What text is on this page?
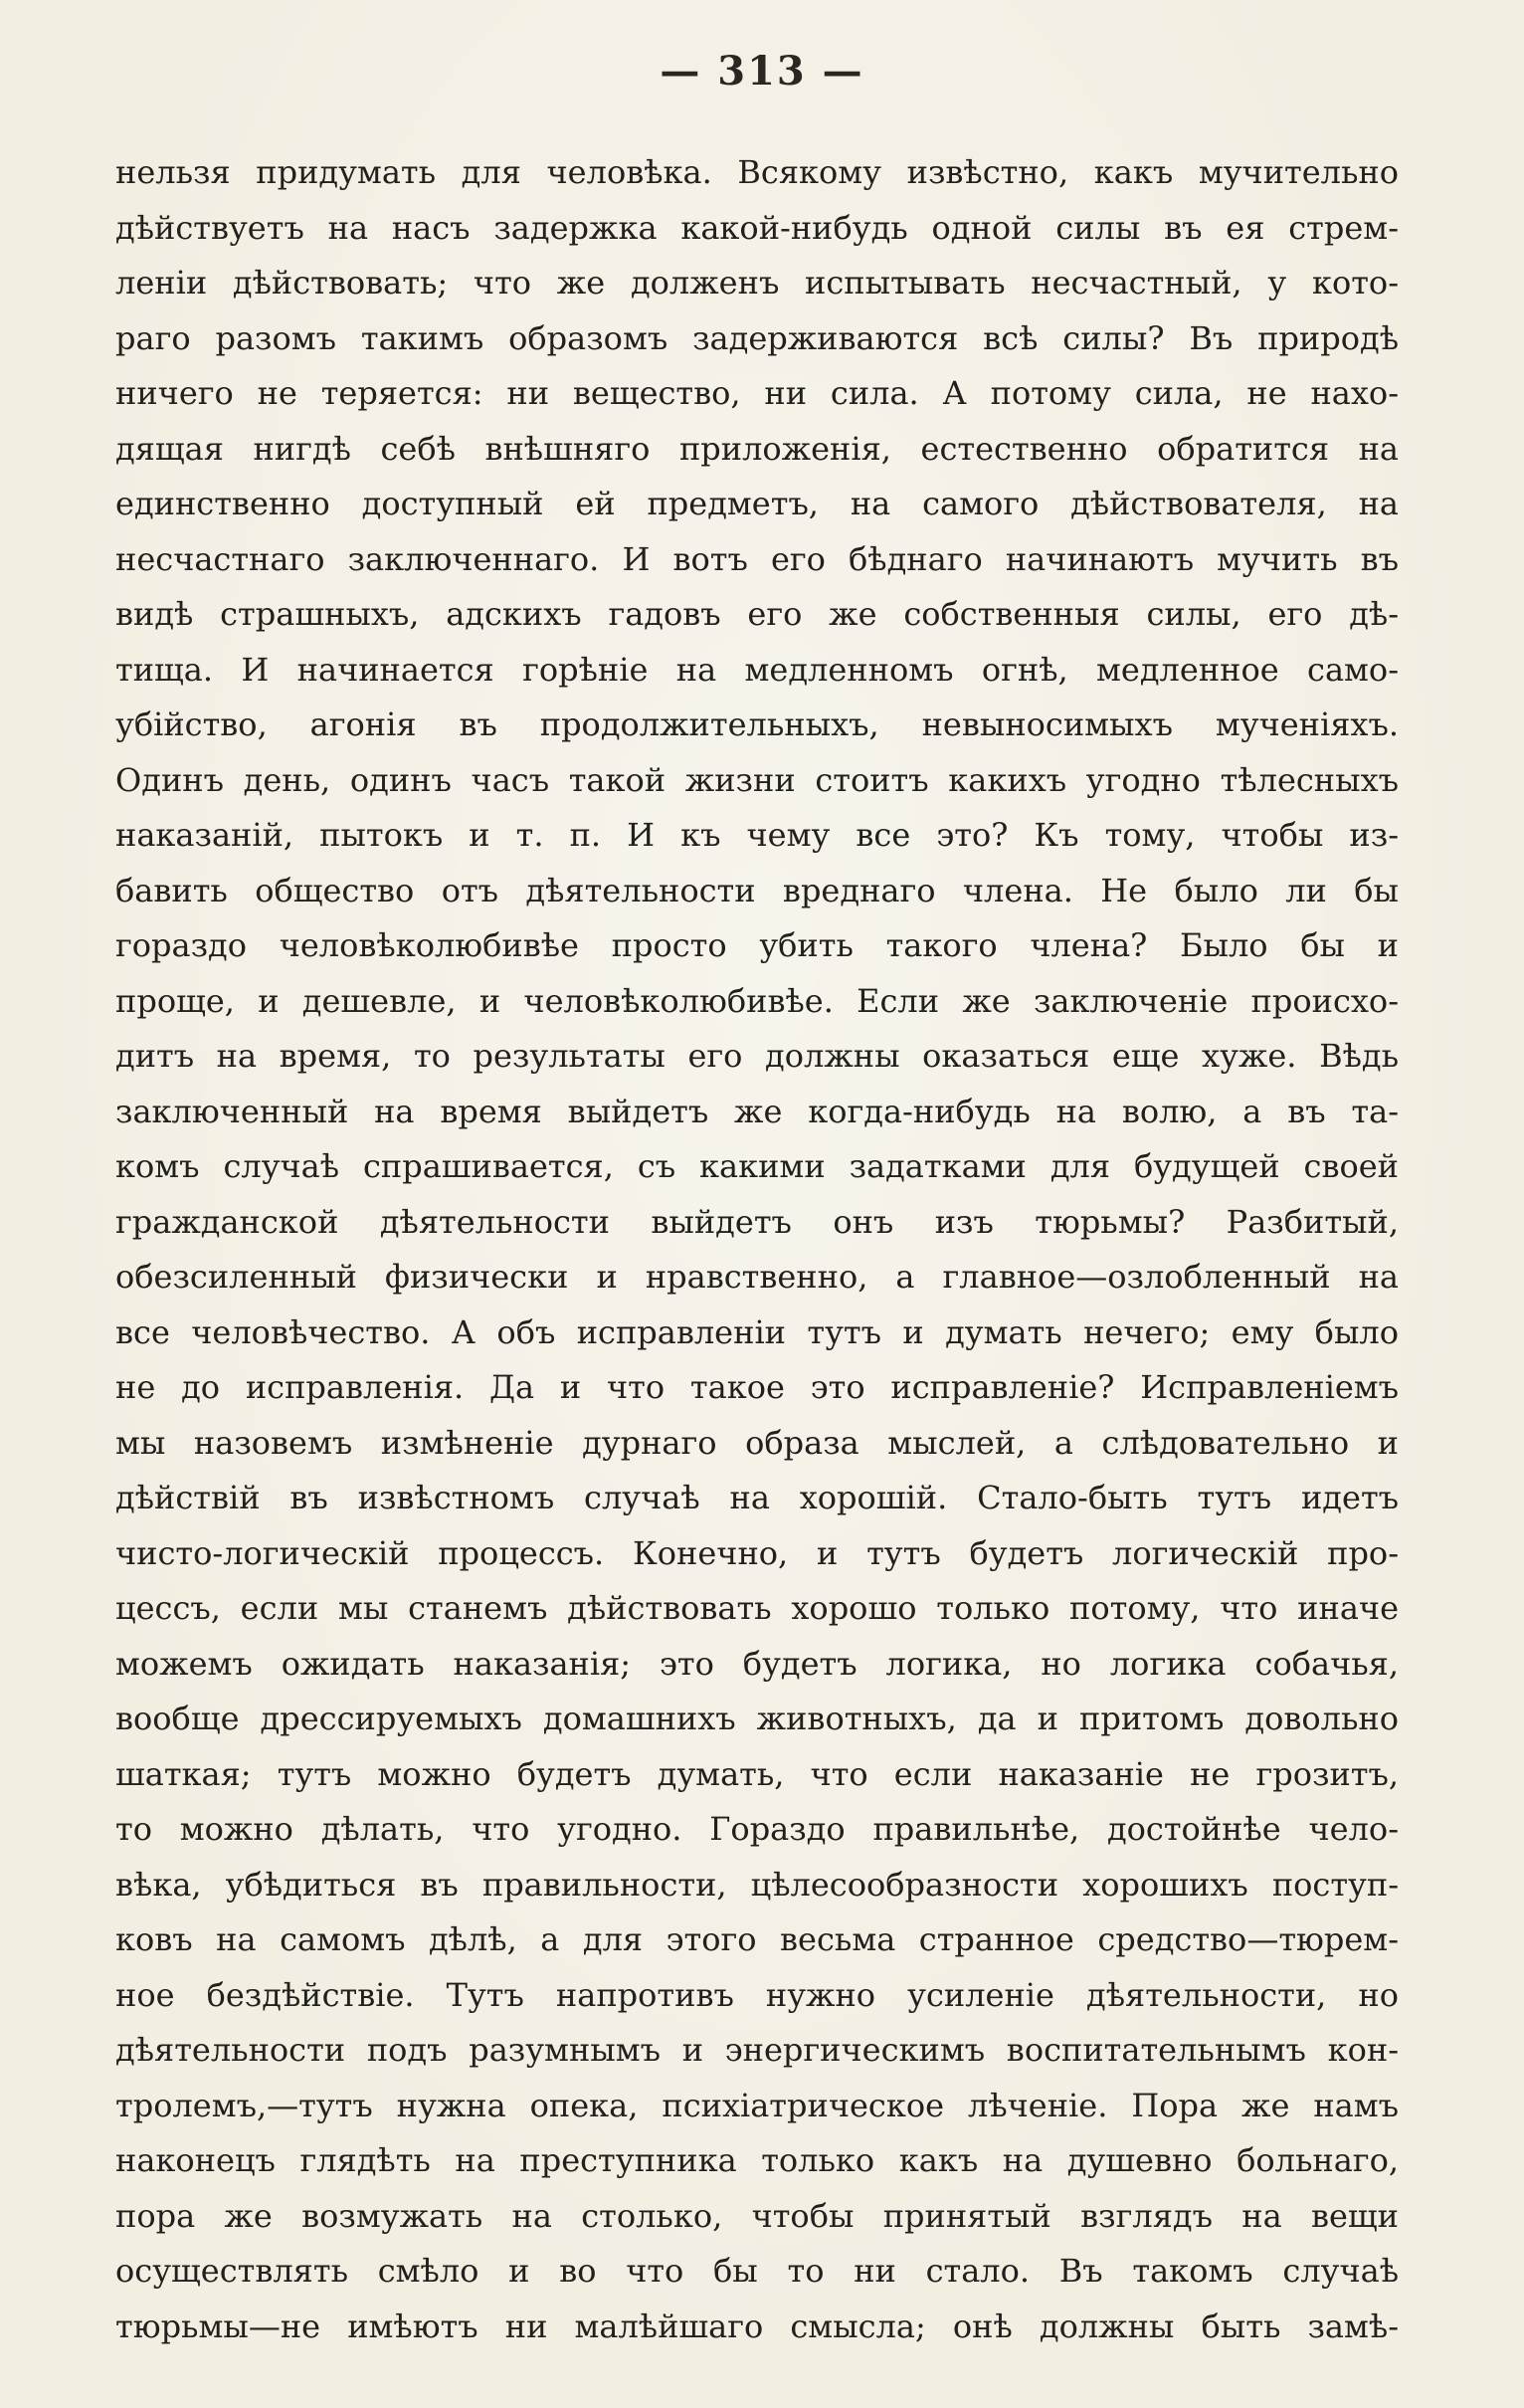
— 313 —
нельзя придумать для человѣка. Всякому извѣстно, какъ мучительно
дѣйствуетъ на насъ задержка какой-нибудь одной силы въ ея стрем-
леніи дѣйствовать; что же долженъ испытывать несчастный, у кото-
раго разомъ такимъ образомъ задерживаются всѣ силы? Въ природѣ
ничего не теряется: ни вещество, ни сила. А потому сила, не нахо-
дящая нигдѣ себѣ внѣшняго приложенія, естественно обратится на
единственно доступный ей предметъ, на самого дѣйствователя, на
несчастнаго заключеннаго. И вотъ его бѣднаго начинаютъ мучить въ
видѣ страшныхъ, адскихъ гадовъ его же собственныя силы, его дѣ-
тища. И начинается горѣніе на медленномъ огнѣ, медленное само-
убійство, агонія въ продолжительныхъ, невыносимыхъ мученіяхъ.
Одинъ день, одинъ часъ такой жизни стоитъ какихъ угодно тѣлесныхъ
наказаній, пытокъ и т. п. И къ чему все это? Къ тому, чтобы из-
бавить общество отъ дѣятельности вреднаго члена. Не было ли бы
гораздо человѣколюбивѣе просто убить такого члена? Было бы и
проще, и дешевле, и человѣколюбивѣе. Если же заключеніе происхо-
дитъ на время, то результаты его должны оказаться еще хуже. Вѣдь
заключенный на время выйдетъ же когда-нибудь на волю, а въ та-
комъ случаѣ спрашивается, съ какими задатками для будущей своей
гражданской дѣятельности выйдетъ онъ изъ тюрьмы? Разбитый,
обезсиленный физически и нравственно, а главное—озлобленный на
все человѣчество. А объ исправленіи тутъ и думать нечего; ему было
не до исправленія. Да и что такое это исправленіе? Исправленіемъ
мы назовемъ измѣненіе дурнаго образа мыслей, а слѣдовательно и
дѣйствій въ извѣстномъ случаѣ на хорошій. Стало-быть тутъ идетъ
чисто-логическій процессъ. Конечно, и тутъ будетъ логическій про-
цессъ, если мы станемъ дѣйствовать хорошо только потому, что иначе
можемъ ожидать наказанія; это будетъ логика, но логика собачья,
вообще дрессируемыхъ домашнихъ животныхъ, да и притомъ довольно
шаткая; тутъ можно будетъ думать, что если наказаніе не грозитъ,
то можно дѣлать, что угодно. Гораздо правильнѣе, достойнѣе чело-
вѣка, убѣдиться въ правильности, цѣлесообразности хорошихъ поступ-
ковъ на самомъ дѣлѣ, а для этого весьма странное средство—тюрем-
ное бездѣйствіе. Тутъ напротивъ нужно усиленіе дѣятельности, но
дѣятельности подъ разумнымъ и энергическимъ воспитательнымъ кон-
тролемъ,—тутъ нужна опека, психіатрическое лѣченіе. Пора же намъ
наконецъ глядѣть на преступника только какъ на душевно больнаго,
пора же возмужать на столько, чтобы принятый взглядъ на вещи
осуществлять смѣло и во что бы то ни стало. Въ такомъ случаѣ
тюрьмы—не имѣютъ ни малѣйшаго смысла; онѣ должны быть замѣ-
